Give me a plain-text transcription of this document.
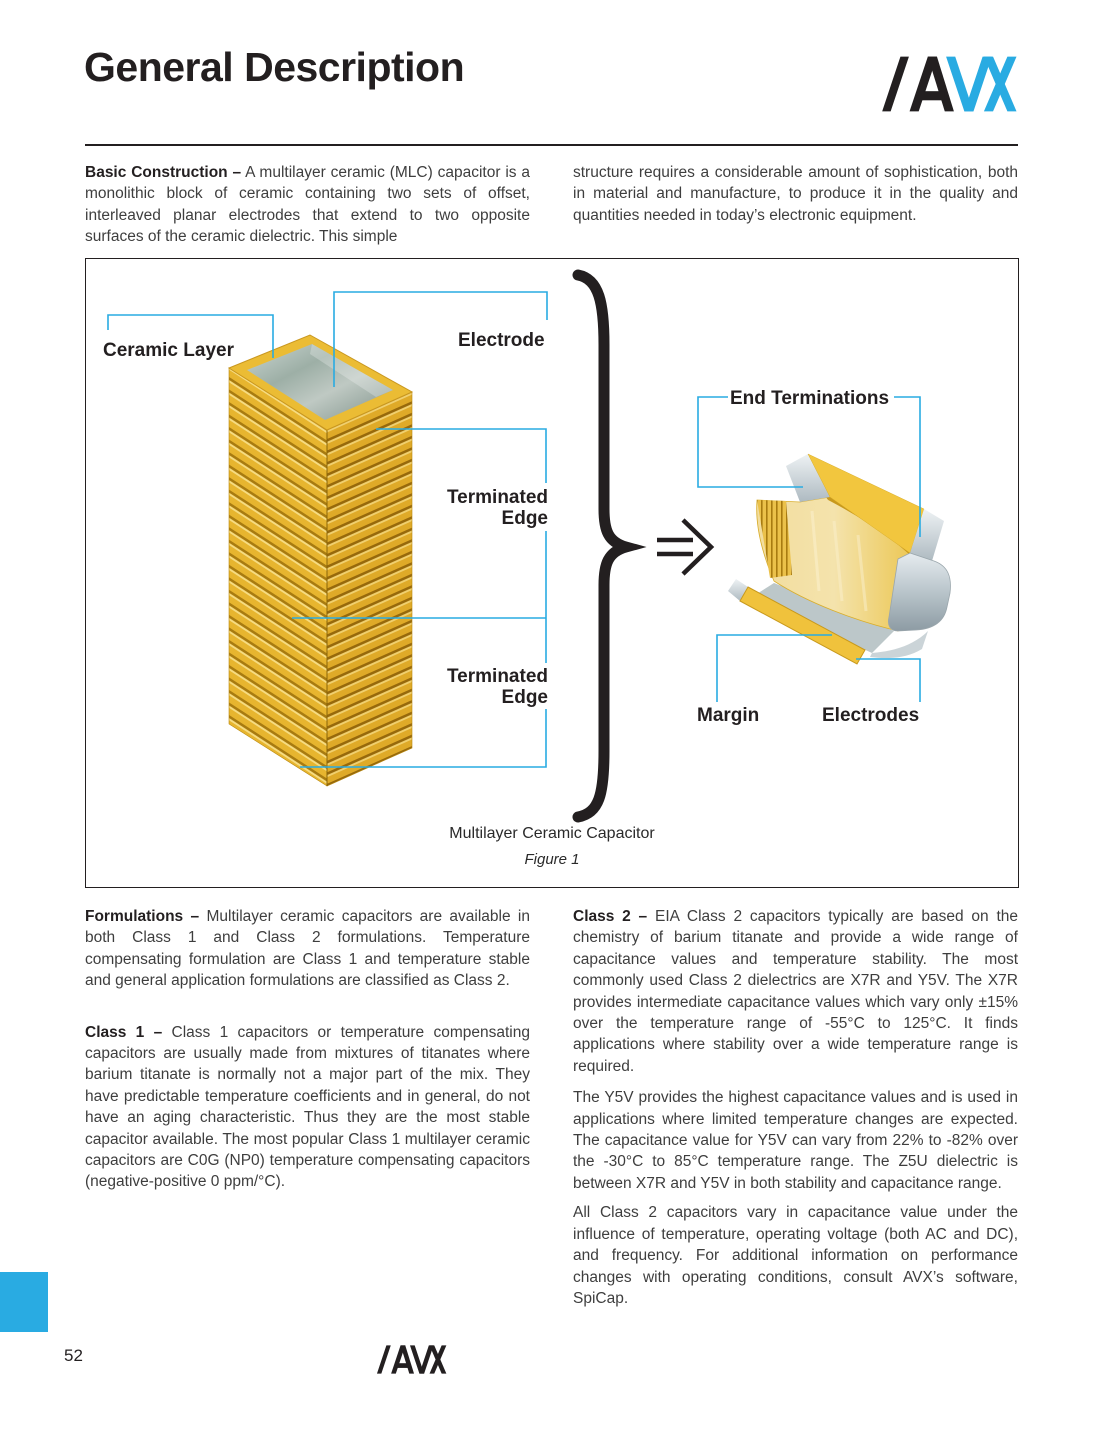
General Description

Basic Construction – A multilayer ceramic (MLC) capacitor is a monolithic block of ceramic containing two sets of offset, interleaved planar electrodes that extend to two opposite surfaces of the ceramic dielectric. This simple

structure requires a considerable amount of sophistication, both in material and manufacture, to produce it in the quality and quantities needed in today’s electronic equipment.

Ceramic Layer	Electrode
Terminated Edge
Terminated Edge
End Terminations
Margin	Electrodes
Multilayer Ceramic Capacitor
Figure 1

Formulations – Multilayer ceramic capacitors are available in both Class 1 and Class 2 formulations. Temperature compensating formulation are Class 1 and temperature stable and general application formulations are classified as Class 2.

Class 1 – Class 1 capacitors or temperature compensating capacitors are usually made from mixtures of titanates where barium titanate is normally not a major part of the mix. They have predictable temperature coefficients and in general, do not have an aging characteristic. Thus they are the most stable capacitor available. The most popular Class 1 multilayer ceramic capacitors are C0G (NP0) temperature compensating capacitors (negative-positive 0 ppm/°C).

Class 2 – EIA Class 2 capacitors typically are based on the chemistry of barium titanate and provide a wide range of capacitance values and temperature stability. The most commonly used Class 2 dielectrics are X7R and Y5V. The X7R provides intermediate capacitance values which vary only ±15% over the temperature range of -55°C to 125°C. It finds applications where stability over a wide temperature range is required.

The Y5V provides the highest capacitance values and is used in applications where limited temperature changes are expected. The capacitance value for Y5V can vary from 22% to -82% over the -30°C to 85°C temperature range. The Z5U dielectric is between X7R and Y5V in both stability and capacitance range.

All Class 2 capacitors vary in capacitance value under the influence of temperature, operating voltage (both AC and DC), and frequency. For additional information on performance changes with operating conditions, consult AVX’s software, SpiCap.

52
